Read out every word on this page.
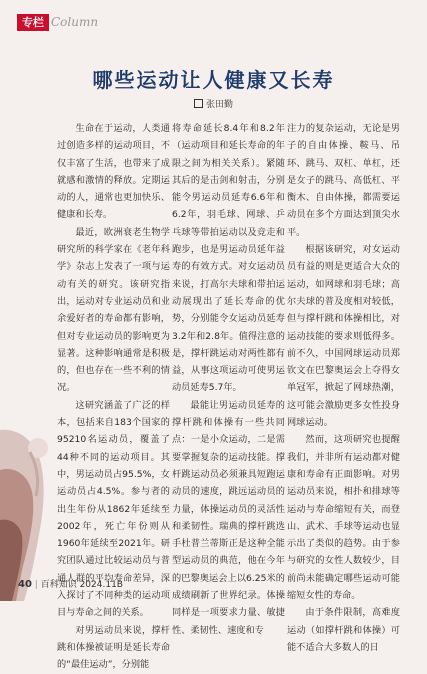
专栏 Column
哪些运动让人健康又长寿
张田勤

生命在于运动，人类通过创造多样的运动项目，不仅丰富了生活，也带来了成就感和激情的释放。定期运动的人，通常也更加快乐、健康和长寿。

最近，欧洲衰老生物学研究所的科学家在《老年科学》杂志上发表了一项与运动有关的研究。该研究指出，运动对专业运动员和业余爱好者的寿命都有影响，但对专业运动员的影响更为显著。这种影响通常是积极的，但也存在一些不利的情况。

这研究涵盖了广泛的样本，包括来自183个国家的95210名运动员，覆盖了44种不同的运动项目。其中，男运动员占95.5%，女运动员占4.5%。参与者的出生年份从1862年延续至2002年，死亡年份则从1960年延续至2021年。研究团队通过比较运动员与普通人群的平均寿命差异，深入探讨了不同种类的运动项目与寿命之间的关系。

对男运动员来说，撑杆跳和体操被证明是延长寿命的“最佳运动”，分别能

将寿命延长8.4年和8.2年（运动项目和延长寿命的年限之间为相关关系）。紧随其后的是击剑和射击，分别能令男运动员延寿6.6年和6.2年，羽毛球、网球、乒乓球等带拍运动以及竞走和跑步，也是男运动员延年益寿的有效方式。对女运动员来说，打高尔夫球和带拍运动展现出了延长寿命的优势，分别能令女运动员延寿3.2年和2.8年。值得注意的是，撑杆跳运动对两性都有益，从事这项运动可使男运动员延寿5.7年。

最能让男运动员延寿的撑杆跳和体操有一些共同点：一是小众运动，二是需要掌握复杂的运动技能。撑杆跳运动员必须兼具短跑运动员的速度，跳远运动员的力量，体操运动员的灵活性和柔韧性。瑞典的撑杆跳选手杜普兰蒂斯正是这种全能型运动员的典范，他在今年的巴黎奥运会上以6.25米的成绩刷新了世界纪录。体操同样是一项要求力量、敏捷性、柔韧性、速度和专

注力的复杂运动，无论是男子的自由体操、鞍马、吊环、跳马、双杠、单杠，还是女子的跳马、高低杠、平衡木、自由体操，都需要运动员在多个方面达到顶尖水平。

根据该研究，对女运动员有益的则是更适合大众的运动，如网球和羽毛球；高尔夫球的普及度相对较低，但与撑杆跳和体操相比，对运动技能的要求则低得多。前不久，中国网球运动员郑钦文在巴黎奥运会上夺得女单冠军，掀起了网球热潮，这可能会激励更多女性投身网球运动。

然而，这项研究也提醒我们，并非所有运动都对健康和寿命有正面影响。对男运动员来说，相扑和排球等运动与寿命缩短有关，而登山、武术、手球等运动也显示出了类似的趋势。由于参与研究的女性人数较少，目前尚未能确定哪些运动可能缩短女性的寿命。

由于条件限制，高难度运动（如撑杆跳和体操）可能不适合大多数人的日

40 | 百科知识 2024.11B
